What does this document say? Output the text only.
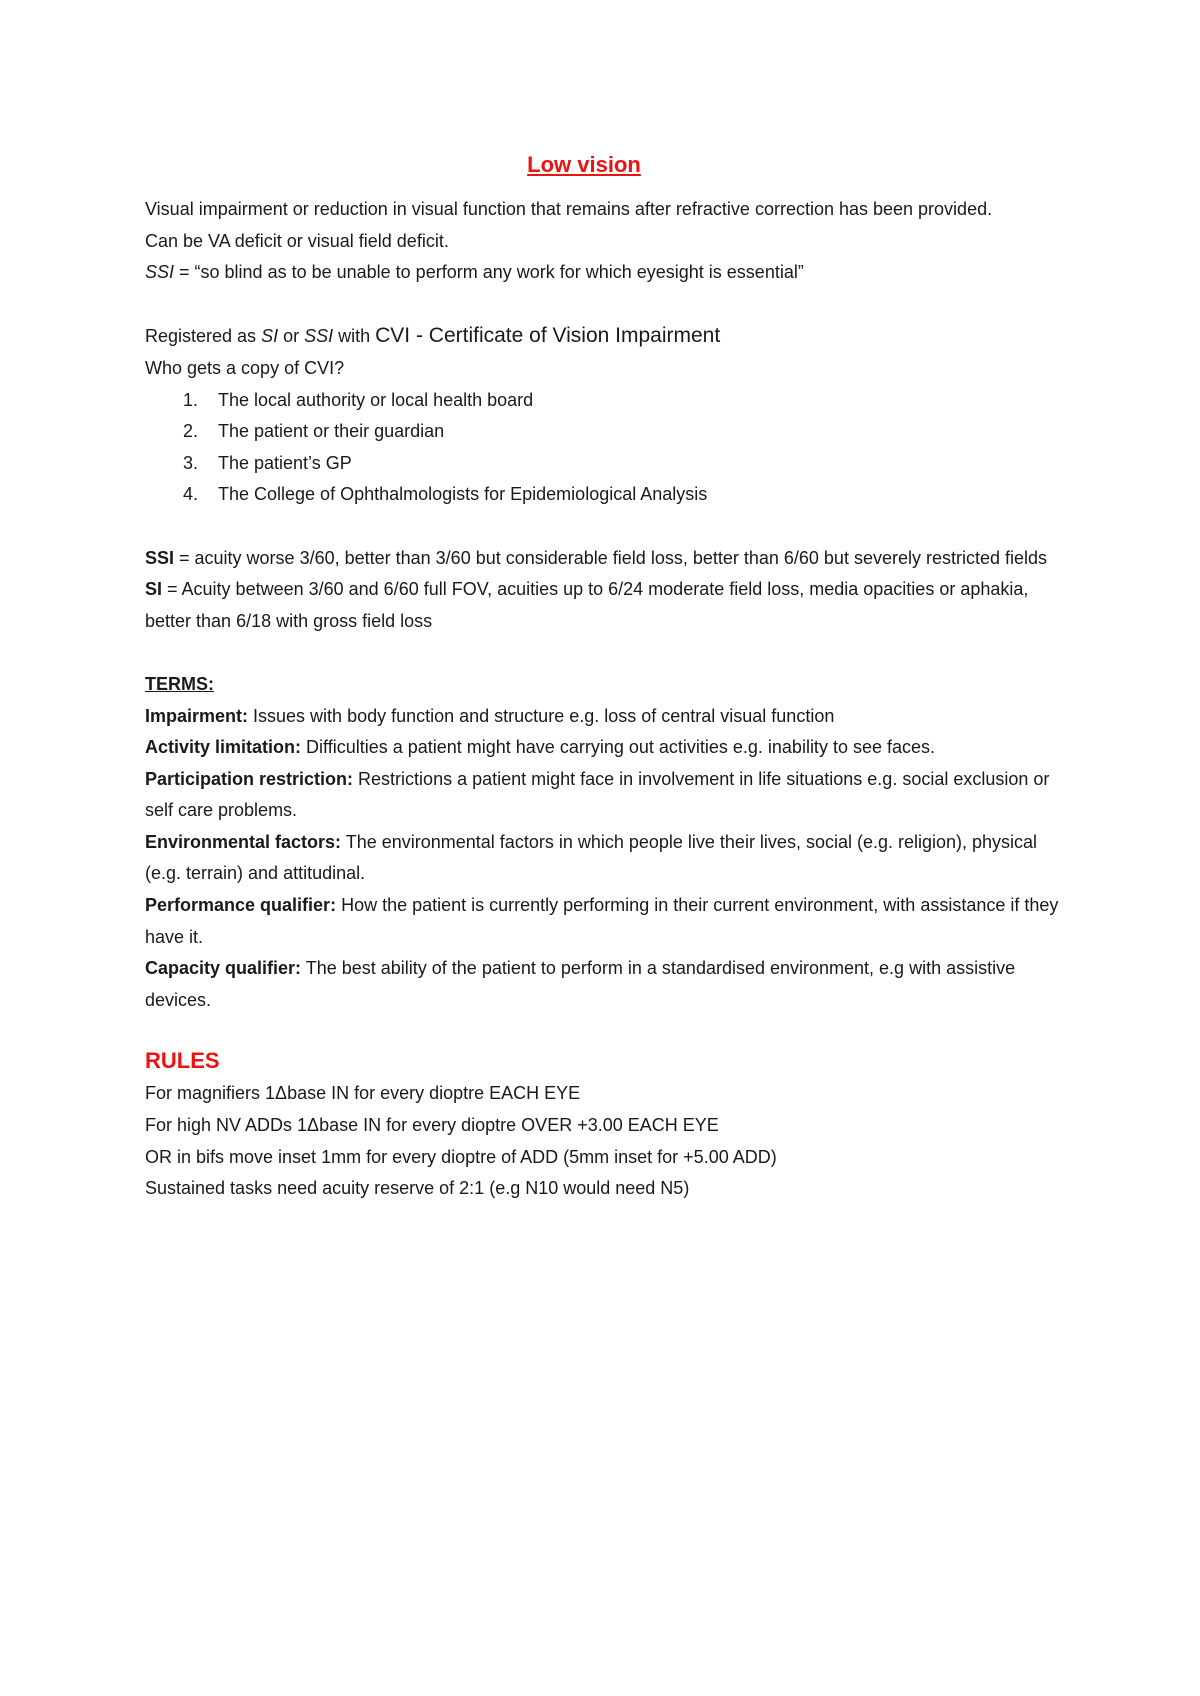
Low vision

Visual impairment or reduction in visual function that remains after refractive correction has been provided.

Can be VA deficit or visual field deficit.

SSI = “so blind as to be unable to perform any work for which eyesight is essential”

Registered as SI or SSI with CVI - Certificate of Vision Impairment

Who gets a copy of CVI?

1. The local authority or local health board
2. The patient or their guardian
3. The patient’s GP
4. The College of Ophthalmologists for Epidemiological Analysis

SSI = acuity worse 3/60, better than 3/60 but considerable field loss, better than 6/60 but severely restricted fields

SI = Acuity between 3/60 and 6/60 full FOV, acuities up to 6/24 moderate field loss, media opacities or aphakia, better than 6/18 with gross field loss

TERMS:

Impairment: Issues with body function and structure e.g. loss of central visual function

Activity limitation: Difficulties a patient might have carrying out activities e.g. inability to see faces.

Participation restriction: Restrictions a patient might face in involvement in life situations e.g. social exclusion or self care problems.

Environmental factors: The environmental factors in which people live their lives, social (e.g. religion), physical (e.g. terrain) and attitudinal.

Performance qualifier: How the patient is currently performing in their current environment, with assistance if they have it.

Capacity qualifier: The best ability of the patient to perform in a standardised environment, e.g with assistive devices.

RULES

For magnifiers 1Δbase IN for every dioptre EACH EYE

For high NV ADDs 1Δbase IN for every dioptre OVER +3.00 EACH EYE

OR in bifs move inset 1mm for every dioptre of ADD (5mm inset for +5.00 ADD)

Sustained tasks need acuity reserve of 2:1 (e.g N10 would need N5)
